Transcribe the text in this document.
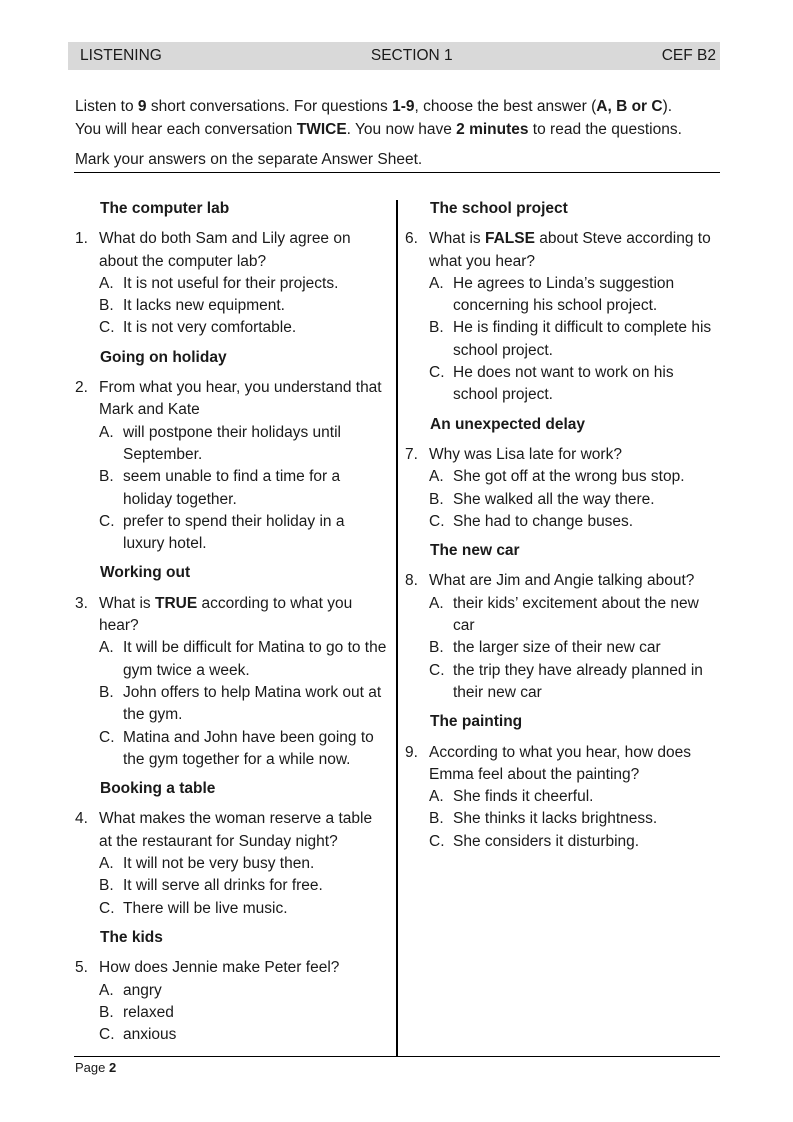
LISTENING	SECTION 1	CEF B2

Listen to 9 short conversations. For questions 1-9, choose the best answer (A, B or C).

You will hear each conversation TWICE. You now have 2 minutes to read the questions.

Mark your answers on the separate Answer Sheet.

The computer lab
1. What do both Sam and Lily agree on about the computer lab?
A. It is not useful for their projects.
B. It lacks new equipment.
C. It is not very comfortable.
Going on holiday
2. From what you hear, you understand that Mark and Kate
A. will postpone their holidays until September.
B. seem unable to find a time for a holiday together.
C. prefer to spend their holiday in a luxury hotel.
Working out
3. What is TRUE according to what you hear?
A. It will be difficult for Matina to go to the gym twice a week.
B. John offers to help Matina work out at the gym.
C. Matina and John have been going to the gym together for a while now.
Booking a table
4. What makes the woman reserve a table at the restaurant for Sunday night?
A. It will not be very busy then.
B. It will serve all drinks for free.
C. There will be live music.
The kids
5. How does Jennie make Peter feel?
A. angry
B. relaxed
C. anxious
The school project
6. What is FALSE about Steve according to what you hear?
A. He agrees to Linda’s suggestion concerning his school project.
B. He is finding it difficult to complete his school project.
C. He does not want to work on his school project.
An unexpected delay
7. Why was Lisa late for work?
A. She got off at the wrong bus stop.
B. She walked all the way there.
C. She had to change buses.
The new car
8. What are Jim and Angie talking about?
A. their kids’ excitement about the new car
B. the larger size of their new car
C. the trip they have already planned in their new car
The painting
9. According to what you hear, how does Emma feel about the painting?
A. She finds it cheerful.
B. She thinks it lacks brightness.
C. She considers it disturbing.
Page 2
